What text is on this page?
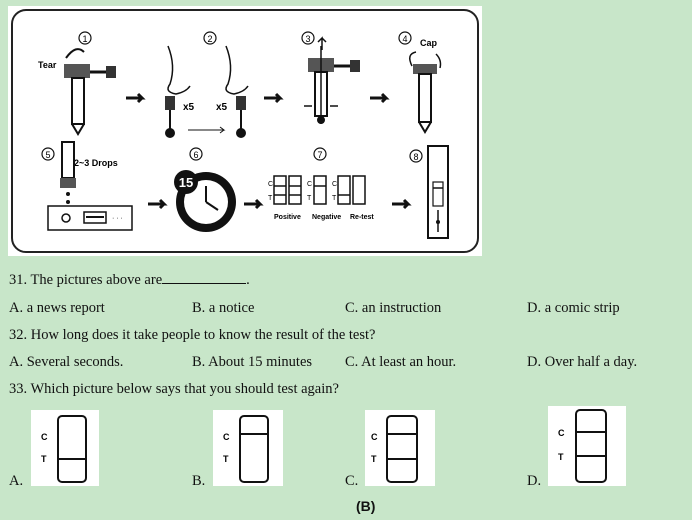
1
Tear
2
x5 x5
3	4 Cap
5
2~3 Drops
· · ·
6
15
7
C
T
C
T
C
T
Positive Negative Re-test
8
31. The pictures above are	.
A. a news report	B. a notice	C. an instruction	D. a comic strip
32. How long does it take people to know the result of the test?
A. Several seconds.	B. About 15 minutes C. At least an hour.	D. Over half a day.
33. Which picture below says that you should test again?
A.
C
T
B.
C
T
C.
C
T
D.
C
T
(B)
